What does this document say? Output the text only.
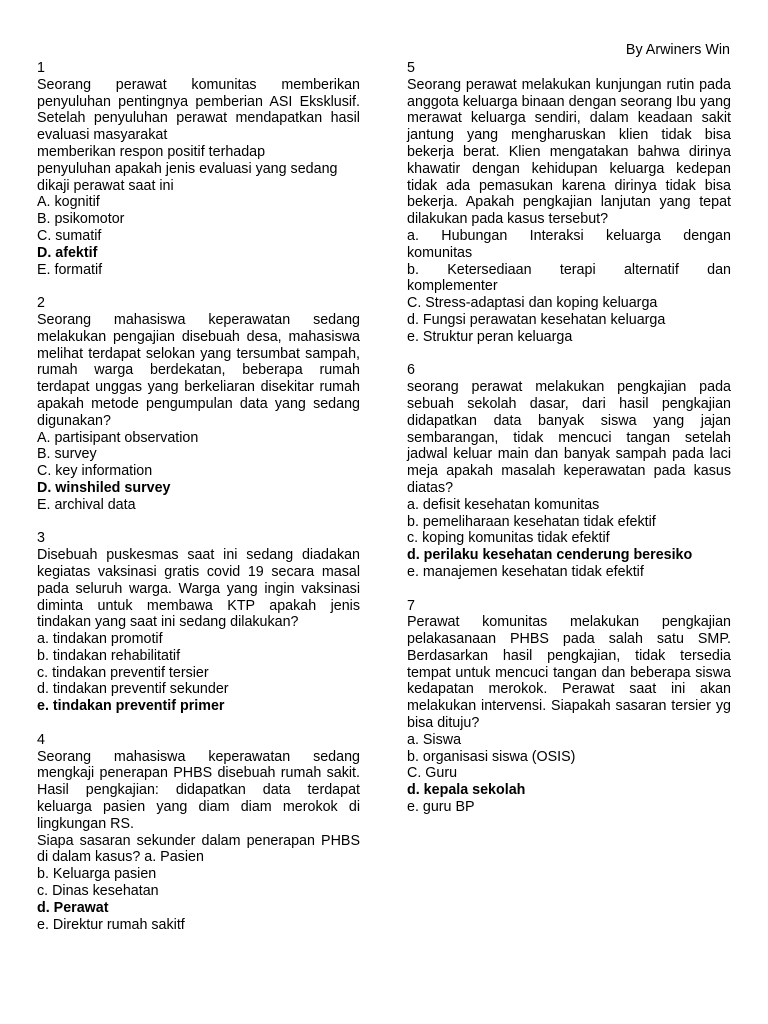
By Arwiners Win
1
Seorang perawat komunitas memberikan penyuluhan pentingnya pemberian ASI Eksklusif. Setelah penyuluhan perawat mendapatkan hasil evaluasi masyarakat
memberikan respon positif terhadap
penyuluhan apakah jenis evaluasi yang sedang dikaji perawat saat ini
A. kognitif
B. psikomotor
C. sumatif
D. afektif
E. formatif
2
Seorang mahasiswa keperawatan sedang melakukan pengajian disebuah desa, mahasiswa melihat terdapat selokan yang tersumbat sampah, rumah warga berdekatan, beberapa rumah terdapat unggas yang berkeliaran disekitar rumah apakah metode pengumpulan data yang sedang digunakan?
A. partisipant observation
B. survey
C. key information
D. winshiled survey
E. archival data
3
Disebuah puskesmas saat ini sedang diadakan kegiatas vaksinasi gratis covid 19 secara masal pada seluruh warga. Warga yang ingin vaksinasi diminta untuk membawa KTP apakah jenis tindakan yang saat ini sedang dilakukan?
a. tindakan promotif
b. tindakan rehabilitatif
c. tindakan preventif tersier
d. tindakan preventif sekunder
e. tindakan preventif primer
4
Seorang mahasiswa keperawatan sedang mengkaji penerapan PHBS disebuah rumah sakit. Hasil pengkajian: didapatkan data terdapat keluarga pasien yang diam diam merokok di lingkungan RS.
Siapa sasaran sekunder dalam penerapan PHBS di dalam kasus? a. Pasien
b. Keluarga pasien
c. Dinas kesehatan
d. Perawat
e. Direktur rumah sakitf
5
Seorang perawat melakukan kunjungan rutin pada anggota keluarga binaan dengan seorang Ibu yang merawat keluarga sendiri, dalam keadaan sakit jantung yang mengharuskan klien tidak bisa bekerja berat. Klien mengatakan bahwa dirinya khawatir dengan kehidupan keluarga kedepan tidak ada pemasukan karena dirinya tidak bisa bekerja. Apakah pengkajian lanjutan yang tepat dilakukan pada kasus tersebut?
a. Hubungan Interaksi keluarga dengan
komunitas
b. Ketersediaan terapi alternatif dan
komplementer
C. Stress-adaptasi dan koping keluarga
d. Fungsi perawatan kesehatan keluarga
e. Struktur peran keluarga
6
seorang perawat melakukan pengkajian pada sebuah sekolah dasar, dari hasil pengkajian didapatkan data banyak siswa yang jajan sembarangan, tidak mencuci tangan setelah jadwal keluar main dan banyak sampah pada laci meja apakah masalah keperawatan pada kasus diatas?
a. defisit kesehatan komunitas
b. pemeliharaan kesehatan tidak efektif
c. koping komunitas tidak efektif
d. perilaku kesehatan cenderung beresiko
e. manajemen kesehatan tidak efektif
7
Perawat komunitas melakukan pengkajian pelakasanaan PHBS pada salah satu SMP. Berdasarkan hasil pengkajian, tidak tersedia tempat untuk mencuci tangan dan beberapa siswa kedapatan merokok. Perawat saat ini akan melakukan intervensi. Siapakah sasaran tersier yg bisa dituju?
a. Siswa
b. organisasi siswa (OSIS)
C. Guru
d. kepala sekolah
e. guru BP
